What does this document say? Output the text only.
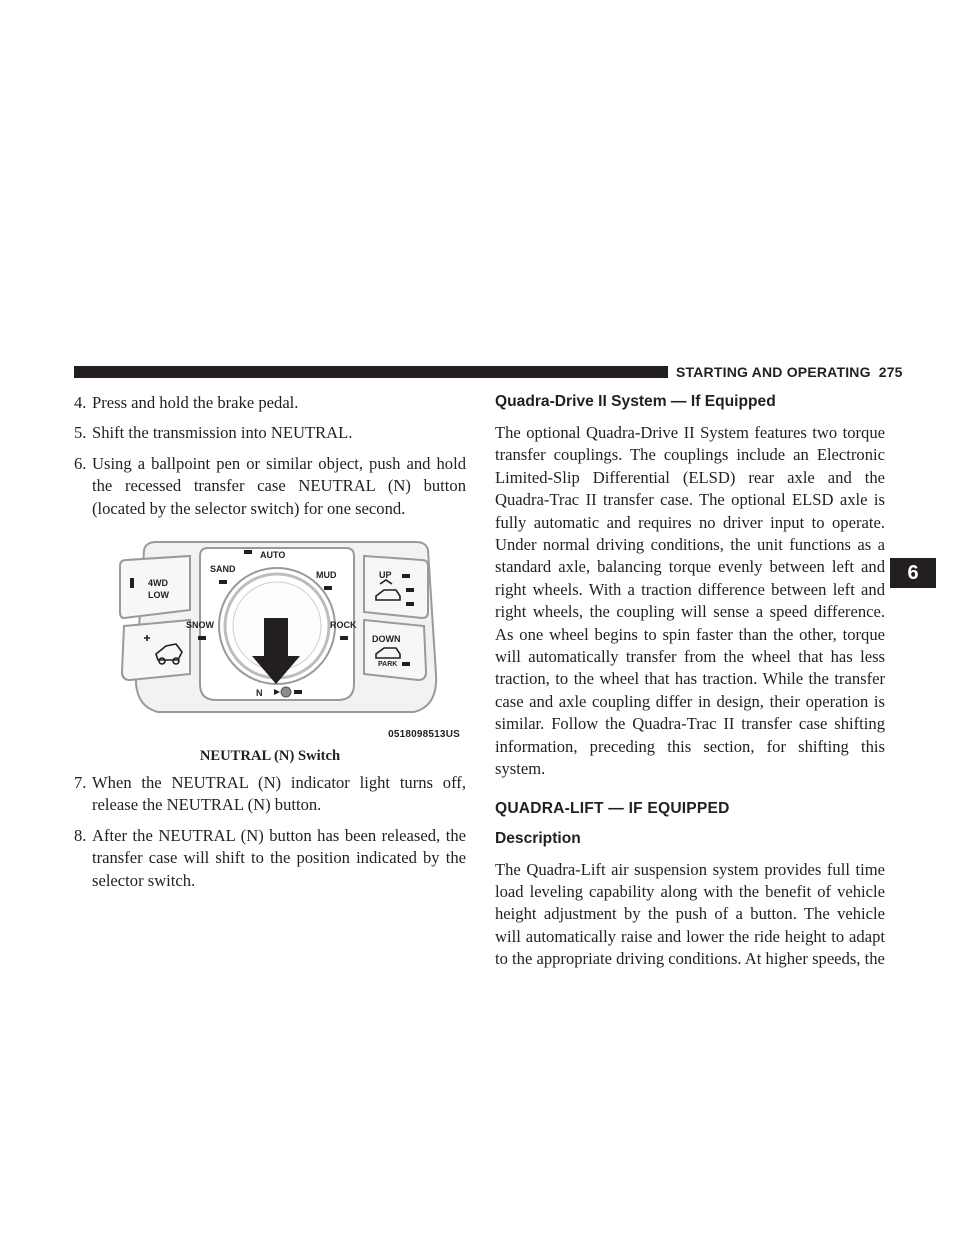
STARTING AND OPERATING 275
6
4. Press and hold the brake pedal.
5. Shift the transmission into NEUTRAL.
6. Using a ballpoint pen or similar object, push and hold the recessed transfer case NEUTRAL (N) button (located by the selector switch) for one second.
AUTO
SAND
MUD
SNOW	ROCK
4WD
LOW
UP
DOWN
PARK
N
0518098513US
NEUTRAL (N) Switch
7. When the NEUTRAL (N) indicator light turns off, release the NEUTRAL (N) button.
8. After the NEUTRAL (N) button has been released, the transfer case will shift to the position indicated by the selector switch.
Quadra-Drive II System — If Equipped

The optional Quadra-Drive II System features two torque transfer couplings. The couplings include an Electronic Limited-Slip Differential (ELSD) rear axle and the Quadra-Trac II transfer case. The optional ELSD axle is fully automatic and requires no driver input to operate. Under normal driving conditions, the unit functions as a standard axle, balancing torque evenly between left and right wheels. With a traction difference between left and right wheels, the coupling will sense a speed difference. As one wheel begins to spin faster than the other, torque will automatically transfer from the wheel that has less traction, to the wheel that has traction. While the transfer case and axle coupling differ in design, their operation is similar. Follow the Quadra-Trac II transfer case shifting information, preceding this section, for shifting this system.

QUADRA-LIFT — IF EQUIPPED
Description

The Quadra-Lift air suspension system provides full time load leveling capability along with the benefit of vehicle height adjustment by the push of a button. The vehicle will automatically raise and lower the ride height to adapt to the appropriate driving conditions. At higher speeds, the
